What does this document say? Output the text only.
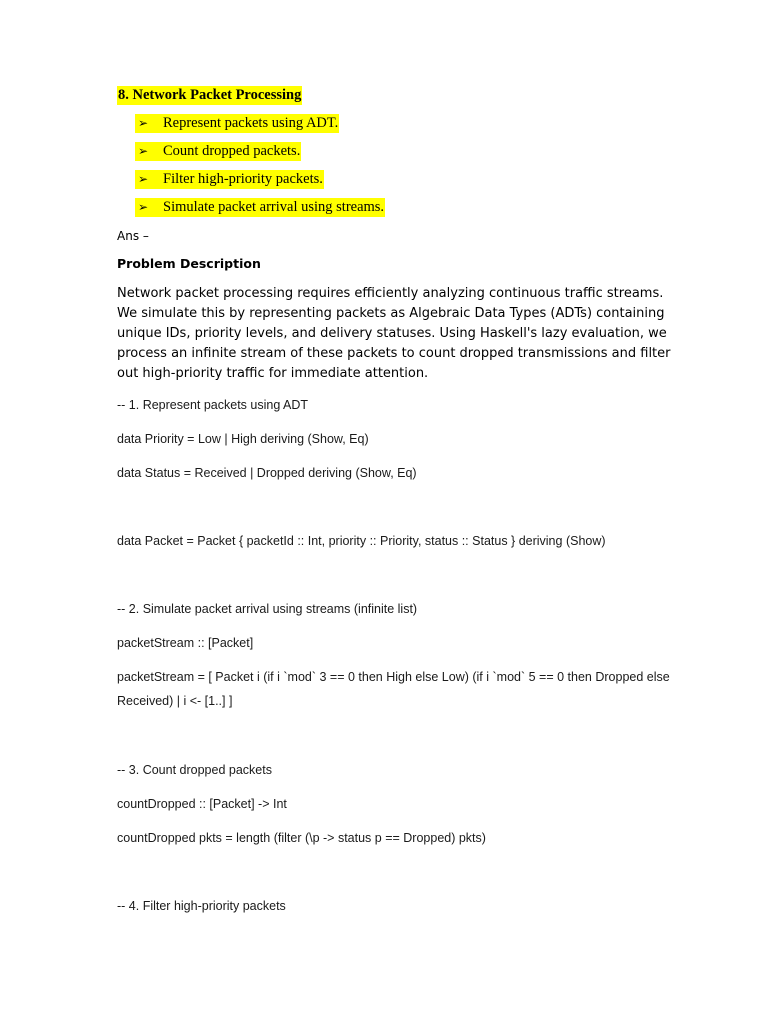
8. Network Packet Processing
➢	Represent packets using ADT.
➢	Count dropped packets.
➢	Filter high-priority packets.
➢	Simulate packet arrival using streams.
Ans –
Problem Description
Network packet processing requires efficiently analyzing continuous traffic streams.
We simulate this by representing packets as Algebraic Data Types (ADTs) containing
unique IDs, priority levels, and delivery statuses. Using Haskell's lazy evaluation, we
process an infinite stream of these packets to count dropped transmissions and filter
out high-priority traffic for immediate attention.
-- 1. Represent packets using ADT
data Priority = Low | High deriving (Show, Eq)
data Status = Received | Dropped deriving (Show, Eq)
data Packet = Packet { packetId :: Int, priority :: Priority, status :: Status } deriving (Show)
-- 2. Simulate packet arrival using streams (infinite list)
packetStream :: [Packet]
packetStream = [ Packet i (if i `mod` 3 == 0 then High else Low) (if i `mod` 5 == 0 then Dropped else
Received) | i <- [1..] ]
-- 3. Count dropped packets
countDropped :: [Packet] -> Int
countDropped pkts = length (filter (\p -> status p == Dropped) pkts)
-- 4. Filter high-priority packets
